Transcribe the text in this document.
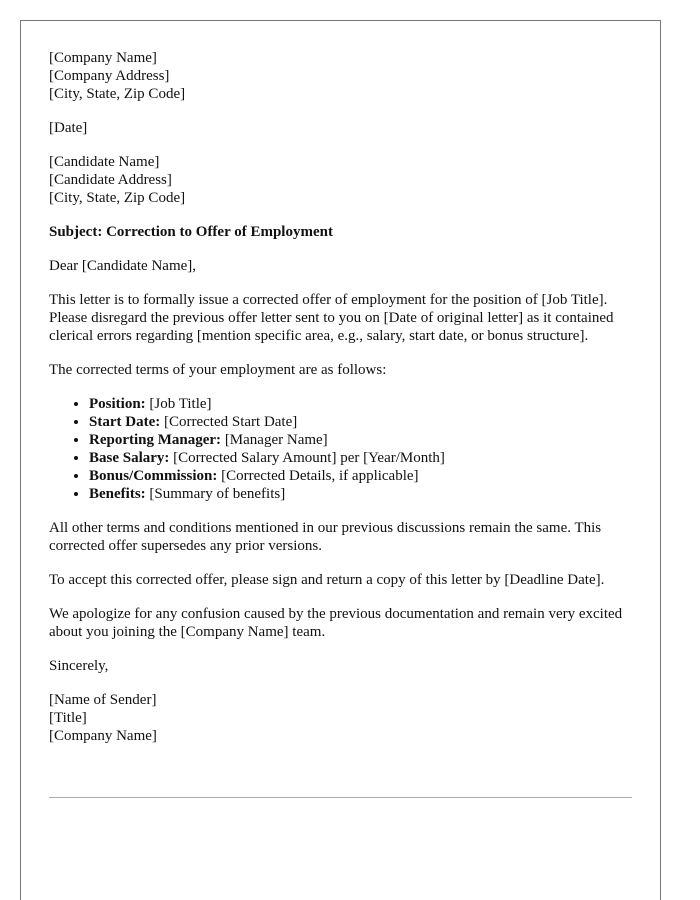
[Company Name]
[Company Address]
[City, State, Zip Code]
[Date]
[Candidate Name]
[Candidate Address]
[City, State, Zip Code]
Subject: Correction to Offer of Employment
Dear [Candidate Name],
This letter is to formally issue a corrected offer of employment for the position of [Job Title]. Please disregard the previous offer letter sent to you on [Date of original letter] as it contained clerical errors regarding [mention specific area, e.g., salary, start date, or bonus structure].
The corrected terms of your employment are as follows:
• Position: [Job Title]
• Start Date: [Corrected Start Date]
• Reporting Manager: [Manager Name]
• Base Salary: [Corrected Salary Amount] per [Year/Month]
• Bonus/Commission: [Corrected Details, if applicable]
• Benefits: [Summary of benefits]
All other terms and conditions mentioned in our previous discussions remain the same. This corrected offer supersedes any prior versions.
To accept this corrected offer, please sign and return a copy of this letter by [Deadline Date].
We apologize for any confusion caused by the previous documentation and remain very excited about you joining the [Company Name] team.
Sincerely,
[Name of Sender]
[Title]
[Company Name]
